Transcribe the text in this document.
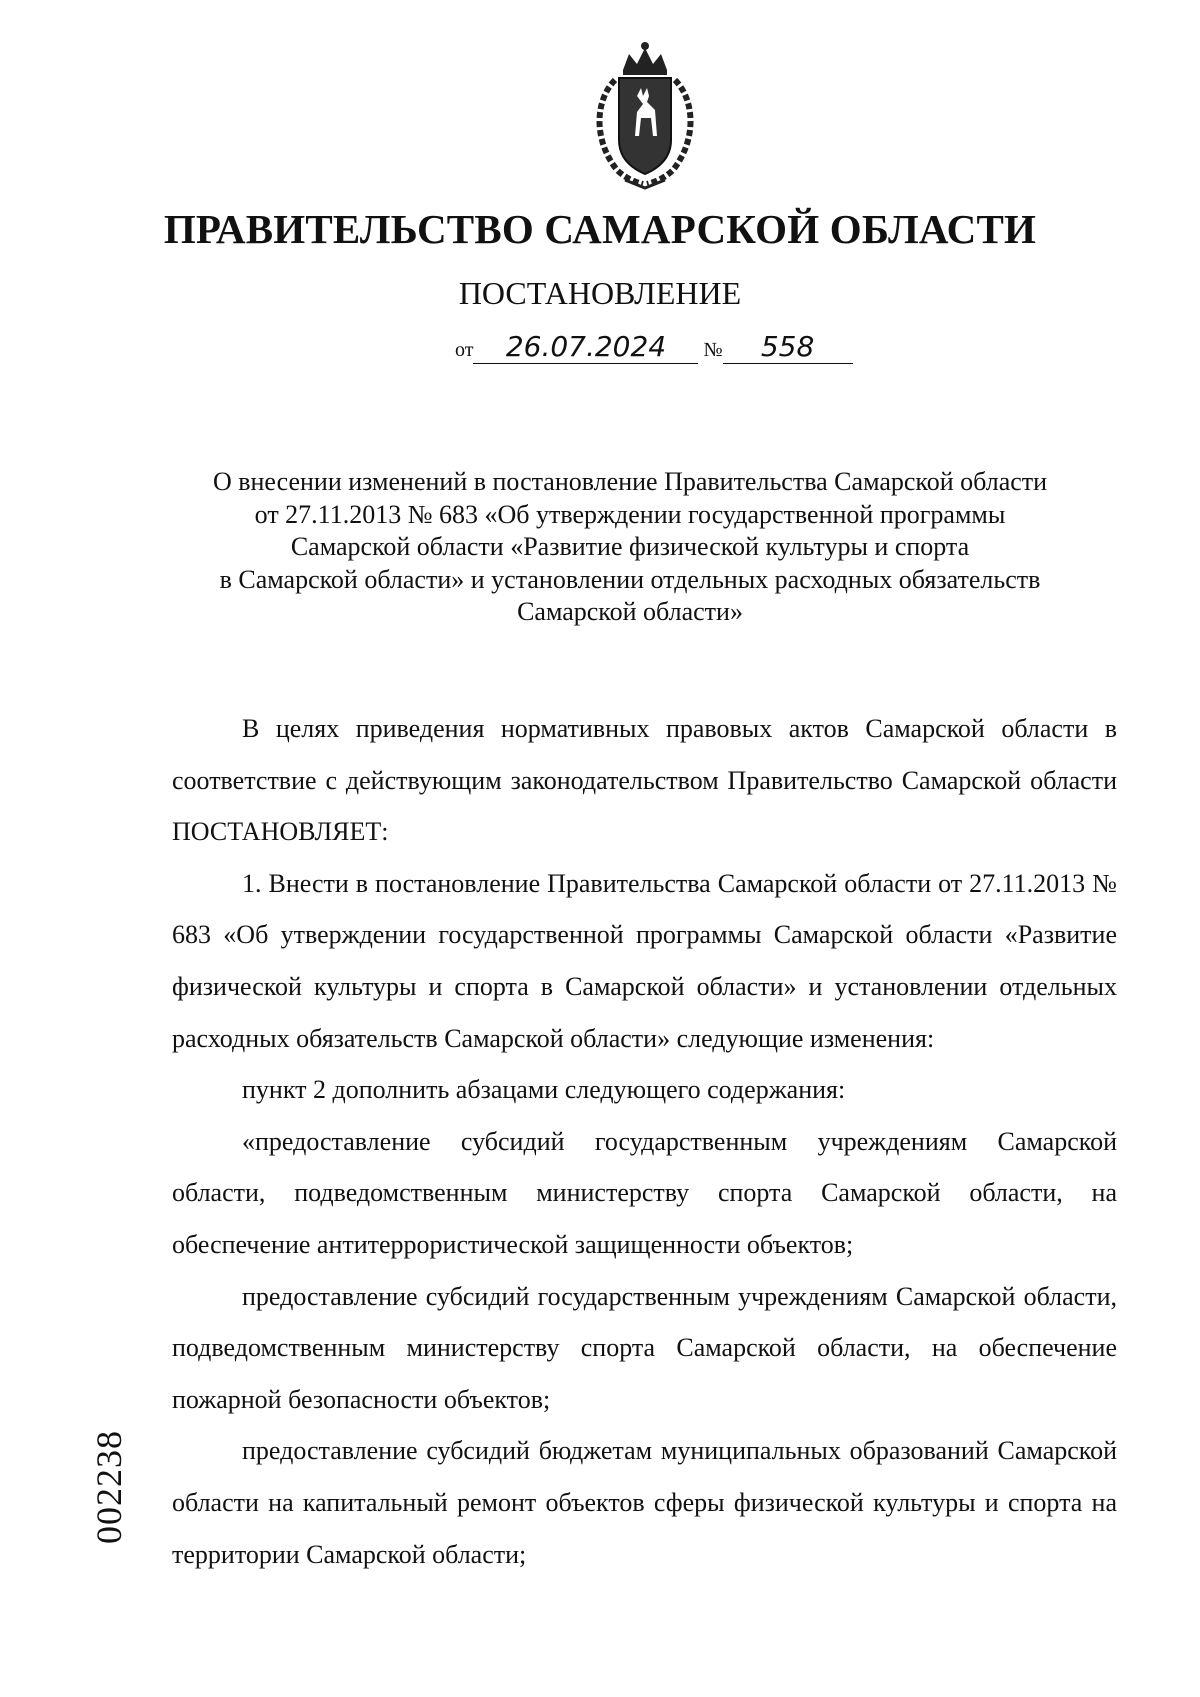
ПРАВИТЕЛЬСТВО САМАРСКОЙ ОБЛАСТИ
ПОСТАНОВЛЕНИЕ
от 26.07.2024 № 558
О внесении изменений в постановление Правительства Самарской области
от 27.11.2013 № 683 «Об утверждении государственной программы
Самарской области «Развитие физической культуры и спорта
в Самарской области» и установлении отдельных расходных обязательств
Самарской области»

В целях приведения нормативных правовых актов Самарской области в соответствие с действующим законодательством Правительство Самарской области ПОСТАНОВЛЯЕТ:

1. Внести в постановление Правительства Самарской области от 27.11.2013 № 683 «Об утверждении государственной программы Самарской области «Развитие физической культуры и спорта в Самарской области» и установлении отдельных расходных обязательств Самарской области» следующие изменения:

пункт 2 дополнить абзацами следующего содержания:

«предоставление субсидий государственным учреждениям Самарской области, подведомственным министерству спорта Самарской области, на обеспечение антитеррористической защищенности объектов;

предоставление субсидий государственным учреждениям Самарской области, подведомственным министерству спорта Самарской области, на обеспечение пожарной безопасности объектов;

предоставление субсидий бюджетам муниципальных образований Самарской области на капитальный ремонт объектов сферы физической культуры и спорта на территории Самарской области;

002238
